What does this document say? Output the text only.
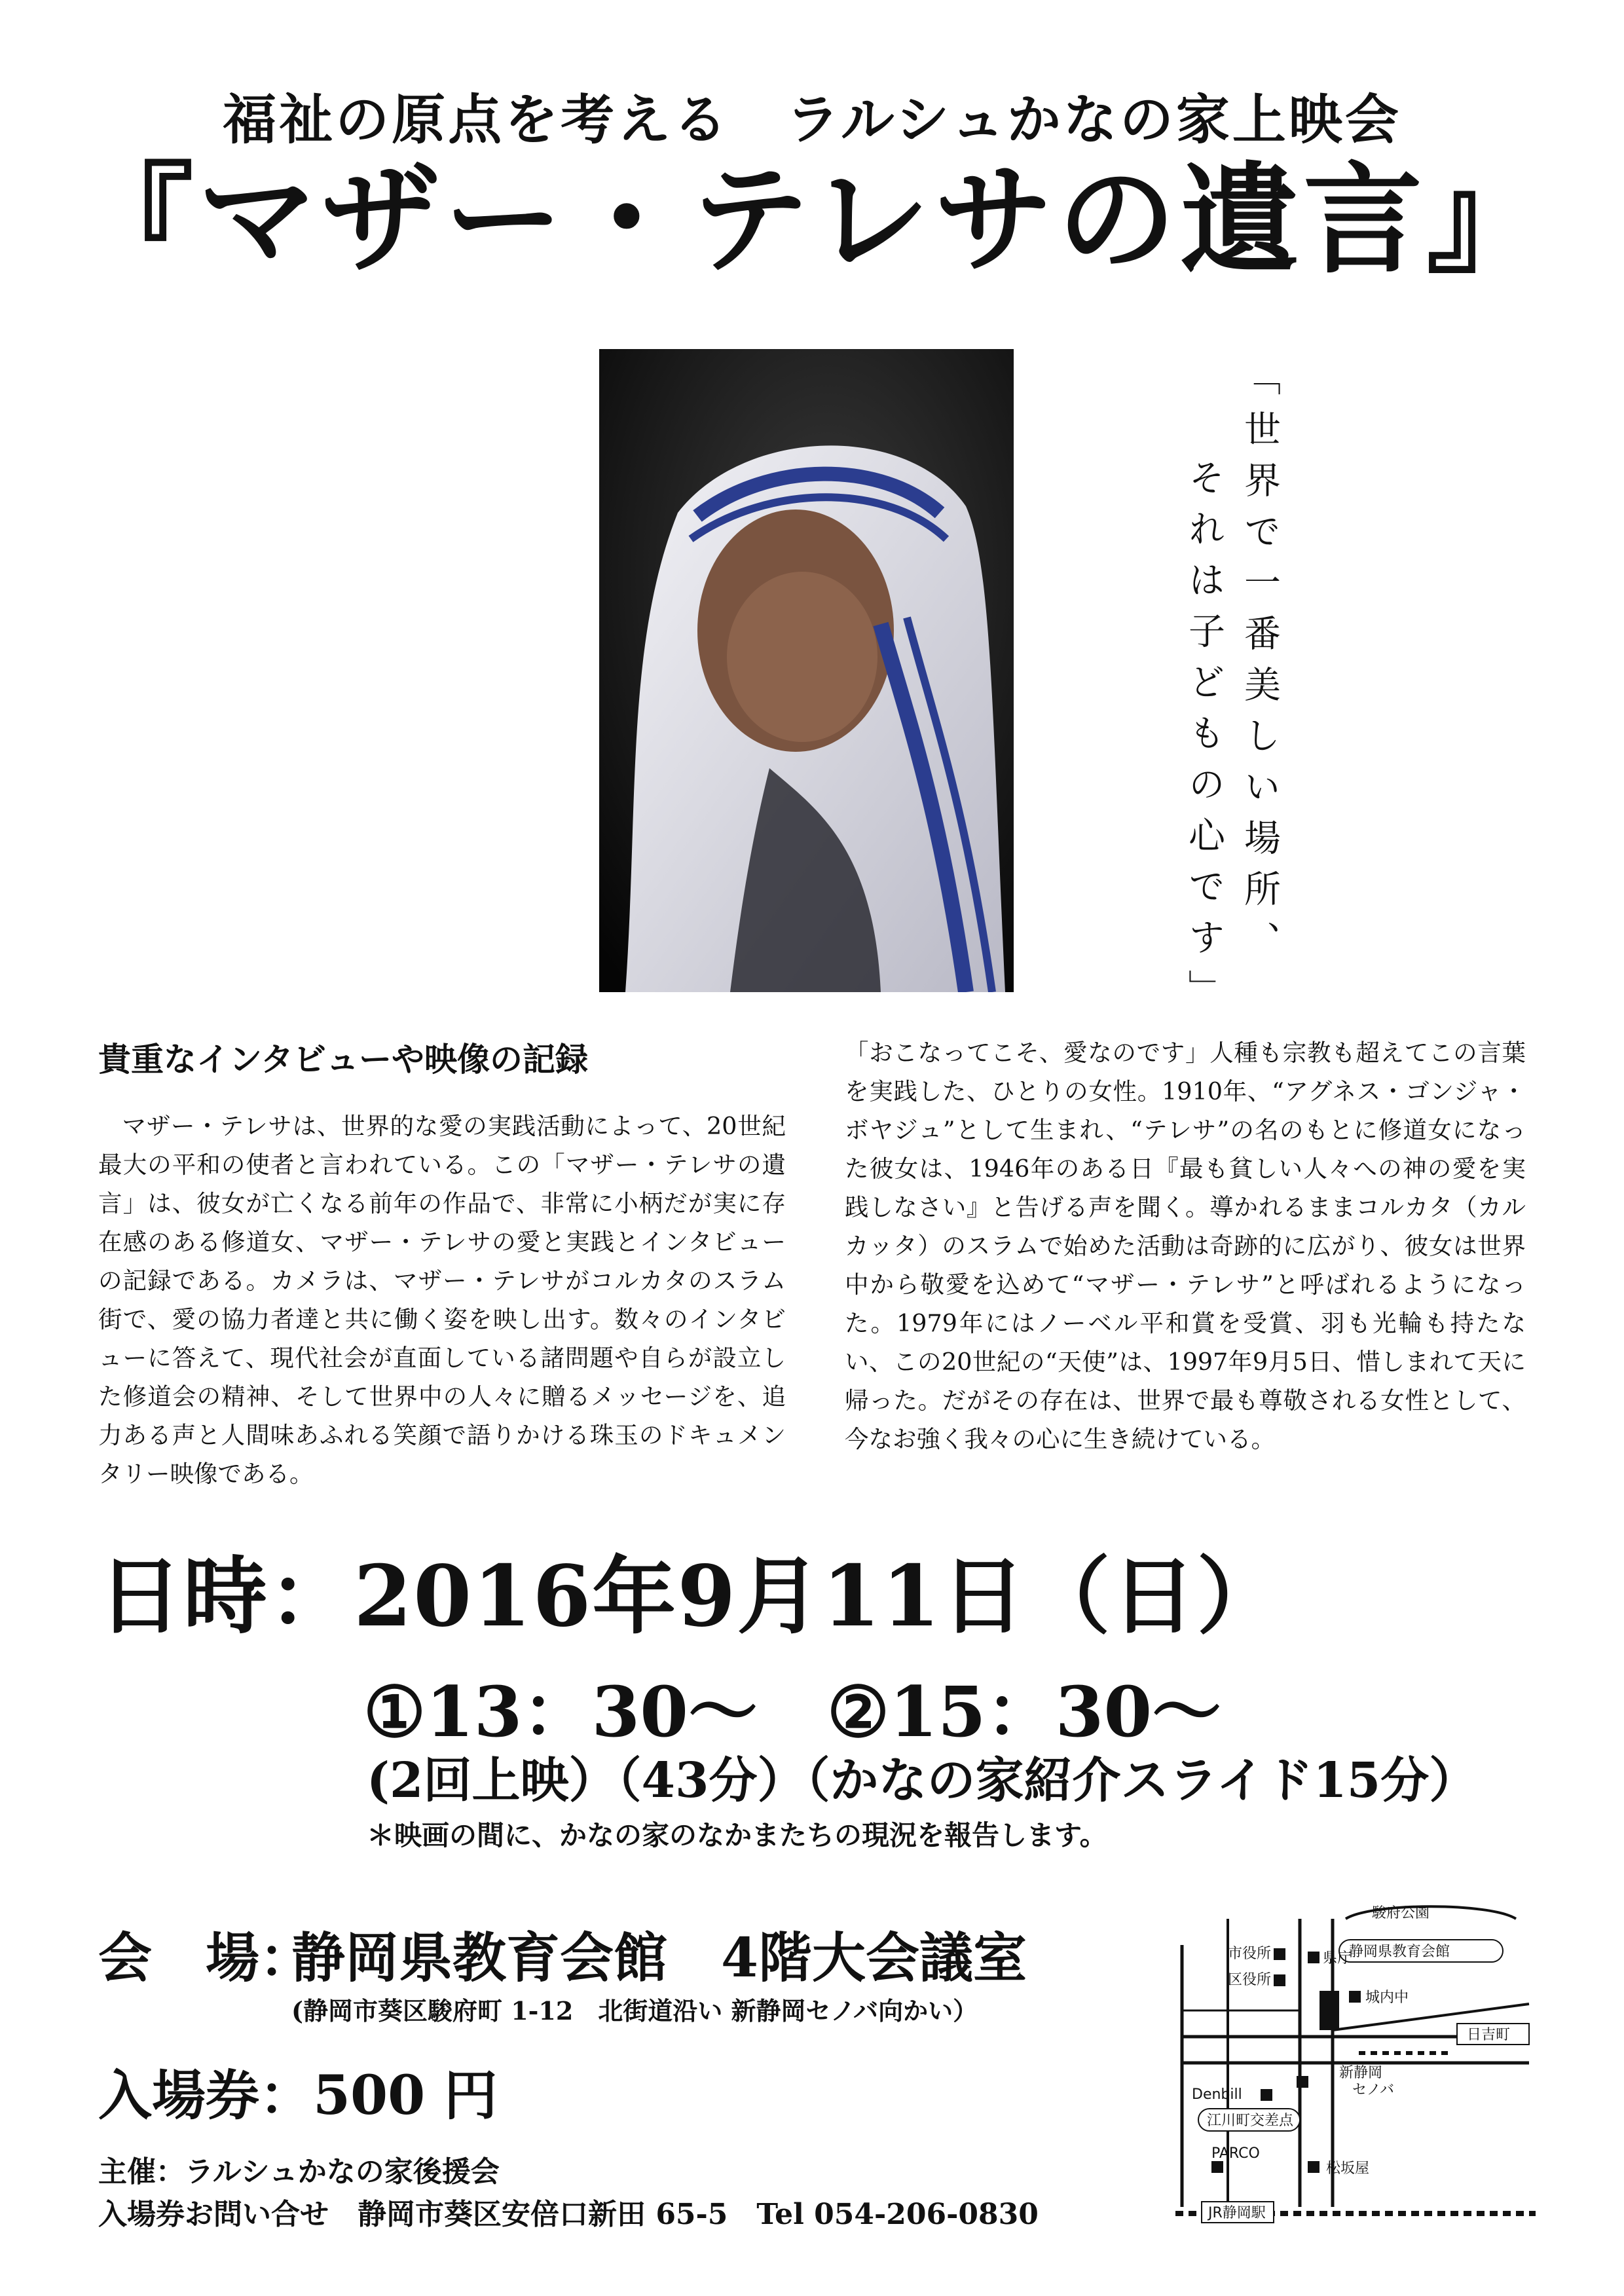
福祉の原点を考える　ラルシュかなの家上映会
『マザー・テレサの遺言』
「世界で一番美しい場所、
それは子どもの心です」
貴重なインタビューや映像の記録
マザー・テレサは、世界的な愛の実践活動によって、20世紀最大の平和の使者と言われている。この「マザー・テレサの遺言」は、彼女が亡くなる前年の作品で、非常に小柄だが実に存在感のある修道女、マザー・テレサの愛と実践とインタビューの記録である。カメラは、マザー・テレサがコルカタのスラム街で、愛の協力者達と共に働く姿を映し出す。数々のインタビューに答えて、現代社会が直面している諸問題や自らが設立した修道会の精神、そして世界中の人々に贈るメッセージを、追力ある声と人間味あふれる笑顔で語りかける珠玉のドキュメンタリー映像である。
「おこなってこそ、愛なのです」人種も宗教も超えてこの言葉を実践した、ひとりの女性。1910年、“アグネス・ゴンジャ・ボヤジュ”として生まれ、“テレサ”の名のもとに修道女になった彼女は、1946年のある日『最も貧しい人々への神の愛を実践しなさい』と告げる声を聞く。導かれるままコルカタ（カルカッタ）のスラムで始めた活動は奇跡的に広がり、彼女は世界中から敬愛を込めて“マザー・テレサ”と呼ばれるようになった。1979年にはノーベル平和賞を受賞、羽も光輪も持たない、この20世紀の“天使”は、1997年9月5日、惜しまれて天に帰った。だがその存在は、世界で最も尊敬される女性として、今なお強く我々の心に生き続けている。
日時：2016年9月11日（日）
①13：30～　②15：30～
(2回上映）（43分）（かなの家紹介スライド15分）
＊映画の間に、かなの家のなかまたちの現況を報告します。
会　場：
静岡県教育会館　4階大会議室
(静岡市葵区駿府町 1-12　北街道沿い 新静岡セノバ向かい）
入場券：500 円
主催：ラルシュかなの家後援会
入場券お問い合せ　静岡市葵区安倍口新田 65-5　Tel 054-206-0830
駿府公園
静岡県教育会館
市役所
区役所
県庁
城内中
日吉町
Denbill
新静岡
セノバ
江川町交差点
PARCO
松坂屋
JR静岡駅
